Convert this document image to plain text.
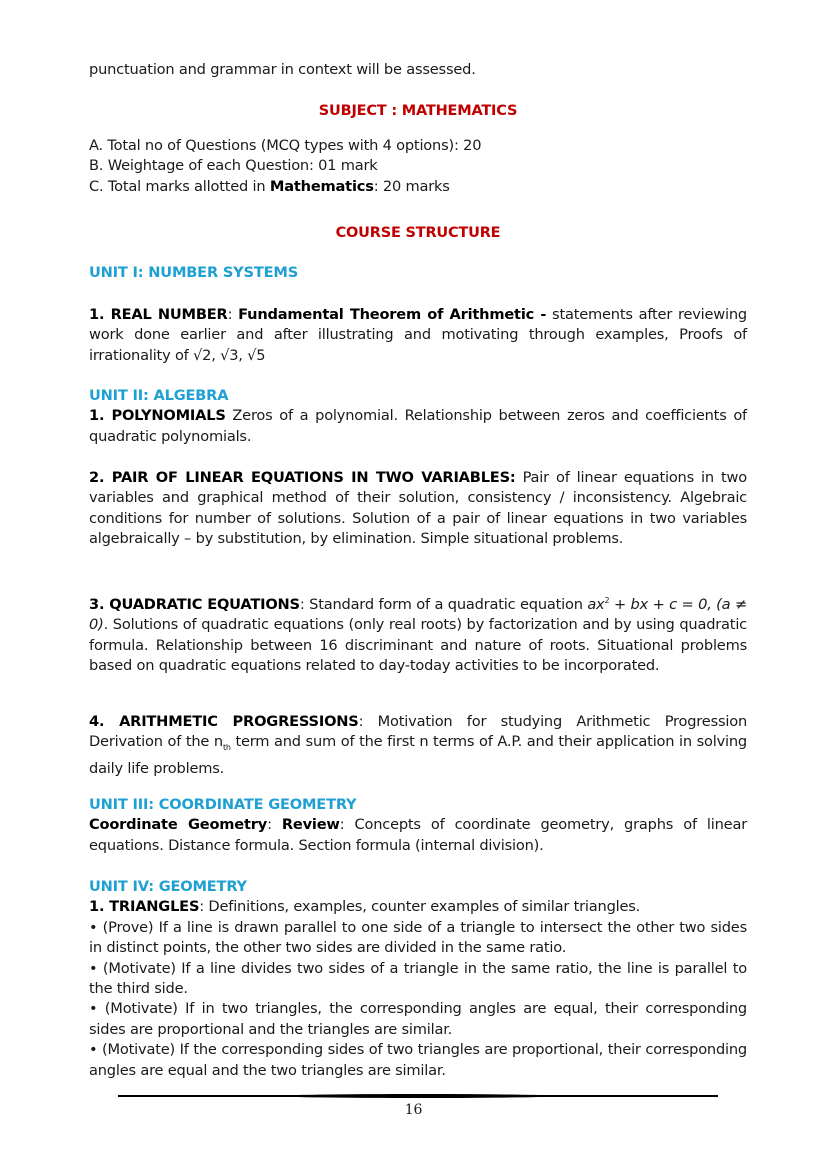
punctuation and grammar in context will be assessed.

SUBJECT : MATHEMATICS

A. Total no of Questions (MCQ types with 4 options): 20

B. Weightage of each Question: 01 mark

C. Total marks allotted in Mathematics: 20 marks

COURSE STRUCTURE
UNIT I: NUMBER SYSTEMS

1. REAL NUMBER: Fundamental Theorem of Arithmetic - statements after reviewing work done earlier and after illustrating and motivating through examples, Proofs of irrationality of √2, √3, √5

UNIT II: ALGEBRA

1. POLYNOMIALS Zeros of a polynomial. Relationship between zeros and coefficients of quadratic polynomials.

2. PAIR OF LINEAR EQUATIONS IN TWO VARIABLES: Pair of linear equations in two variables and graphical method of their solution, consistency / inconsistency. Algebraic conditions for number of solutions. Solution of a pair of linear equations in two variables algebraically – by substitution, by elimination. Simple situational problems.

3. QUADRATIC EQUATIONS: Standard form of a quadratic equation $ax^2$ + bx + c = 0, (a ≠ 0). Solutions of quadratic equations (only real roots) by factorization and by using quadratic formula. Relationship between 16 discriminant and nature of roots. Situational problems based on quadratic equations related to day-today activities to be incorporated.

4. ARITHMETIC PROGRESSIONS: Motivation for studying Arithmetic Progression Derivation of the $n_{th}$ term and sum of the first n terms of A.P. and their application in solving daily life problems.

UNIT III: COORDINATE GEOMETRY

Coordinate Geometry: Review: Concepts of coordinate geometry, graphs of linear equations. Distance formula. Section formula (internal division).

UNIT IV: GEOMETRY

1. TRIANGLES: Definitions, examples, counter examples of similar triangles.

• (Prove) If a line is drawn parallel to one side of a triangle to intersect the other two sides in distinct points, the other two sides are divided in the same ratio.

• (Motivate) If a line divides two sides of a triangle in the same ratio, the line is parallel to the third side.

• (Motivate) If in two triangles, the corresponding angles are equal, their corresponding sides are proportional and the triangles are similar.

• (Motivate) If the corresponding sides of two triangles are proportional, their corresponding angles are equal and the two triangles are similar.

16
